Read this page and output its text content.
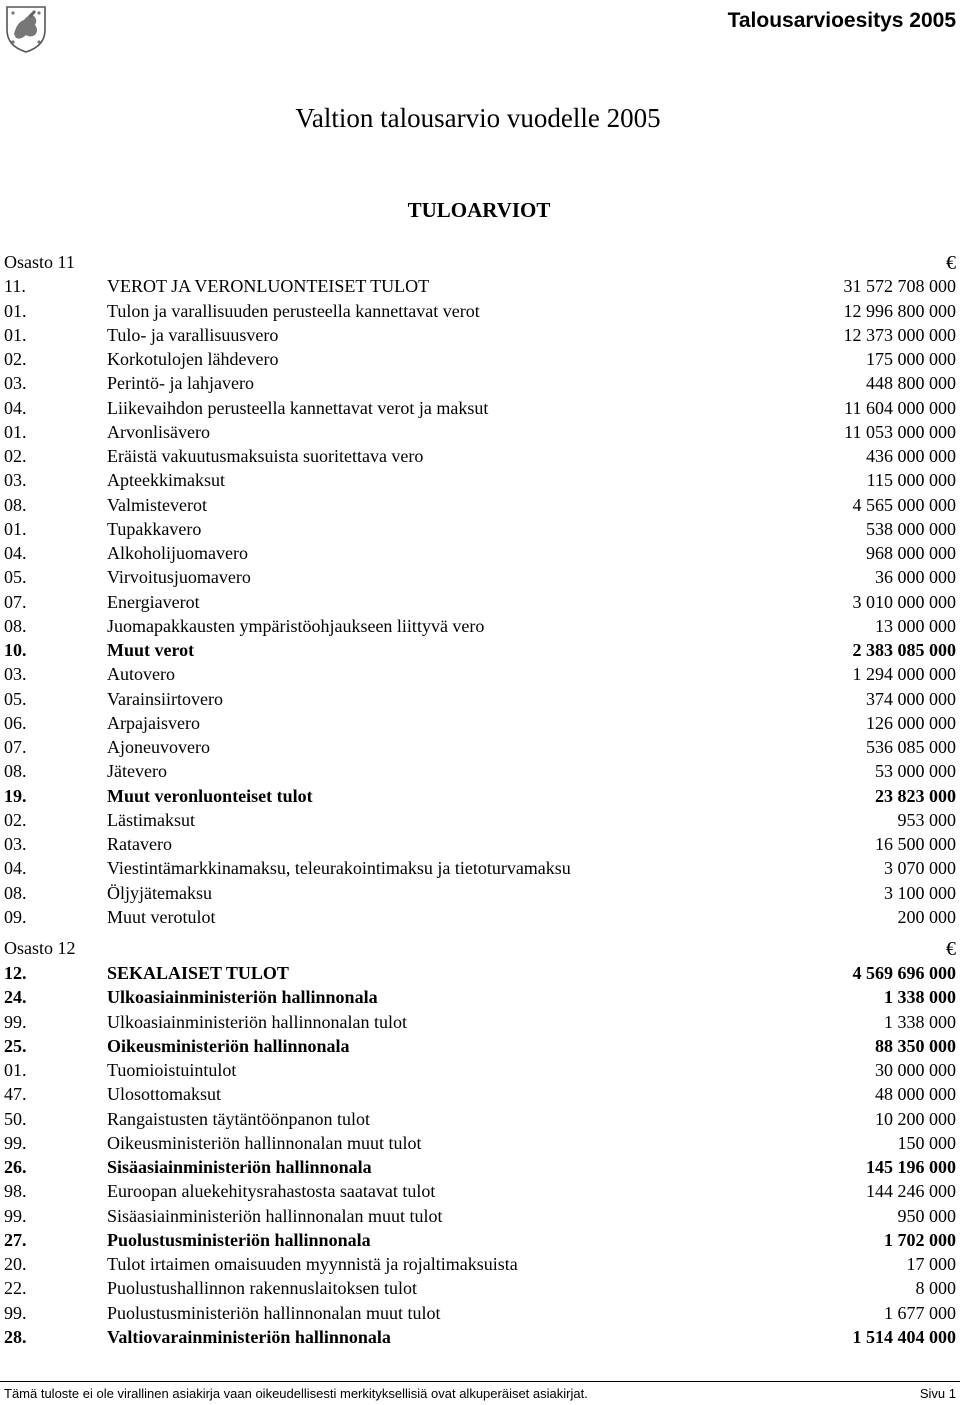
Talousarvioesitys 2005
Valtion talousarvio vuodelle 2005
TULOARVIOT
Osasto 11	€
11.	VEROT JA VERONLUONTEISET TULOT	31 572 708 000
01.	Tulon ja varallisuuden perusteella kannettavat verot	12 996 800 000
01.	Tulo- ja varallisuusvero	12 373 000 000
02.	Korkotulojen lähdevero	175 000 000
03.	Perintö- ja lahjavero	448 800 000
04.	Liikevaihdon perusteella kannettavat verot ja maksut	11 604 000 000
01.	Arvonlisävero	11 053 000 000
02.	Eräistä vakuutusmaksuista suoritettava vero	436 000 000
03.	Apteekkimaksut	115 000 000
08.	Valmisteverot	4 565 000 000
01.	Tupakkavero	538 000 000
04.	Alkoholijuomavero	968 000 000
05.	Virvoitusjuomavero	36 000 000
07.	Energiaverot	3 010 000 000
08.	Juomapakkausten ympäristöohjaukseen liittyvä vero	13 000 000
10.	Muut verot	2 383 085 000
03.	Autovero	1 294 000 000
05.	Varainsiirtovero	374 000 000
06.	Arpajaisvero	126 000 000
07.	Ajoneuvovero	536 085 000
08.	Jätevero	53 000 000
19.	Muut veronluonteiset tulot	23 823 000
02.	Lästimaksut	953 000
03.	Ratavero	16 500 000
04.	Viestintämarkkinamaksu, teleurakointimaksu ja tietoturvamaksu	3 070 000
08.	Öljyjätemaksu	3 100 000
09.	Muut verotulot	200 000
Osasto 12	€
12.	SEKALAISET TULOT	4 569 696 000
24.	Ulkoasiainministeriön hallinnonala	1 338 000
99.	Ulkoasiainministeriön hallinnonalan tulot	1 338 000
25.	Oikeusministeriön hallinnonala	88 350 000
01.	Tuomioistuintulot	30 000 000
47.	Ulosottomaksut	48 000 000
50.	Rangaistusten täytäntöönpanon tulot	10 200 000
99.	Oikeusministeriön hallinnonalan muut tulot	150 000
26.	Sisäasiainministeriön hallinnonala	145 196 000
98.	Euroopan aluekehitysrahastosta saatavat tulot	144 246 000
99.	Sisäasiainministeriön hallinnonalan muut tulot	950 000
27.	Puolustusministeriön hallinnonala	1 702 000
20.	Tulot irtaimen omaisuuden myynnistä ja rojaltimaksuista	17 000
22.	Puolustushallinnon rakennuslaitoksen tulot	8 000
99.	Puolustusministeriön hallinnonalan muut tulot	1 677 000
28.	Valtiovarainministeriön hallinnonala	1 514 404 000
Tämä tuloste ei ole virallinen asiakirja vaan oikeudellisesti merkityksellisiä ovat alkuperäiset asiakirjat.	Sivu 1
